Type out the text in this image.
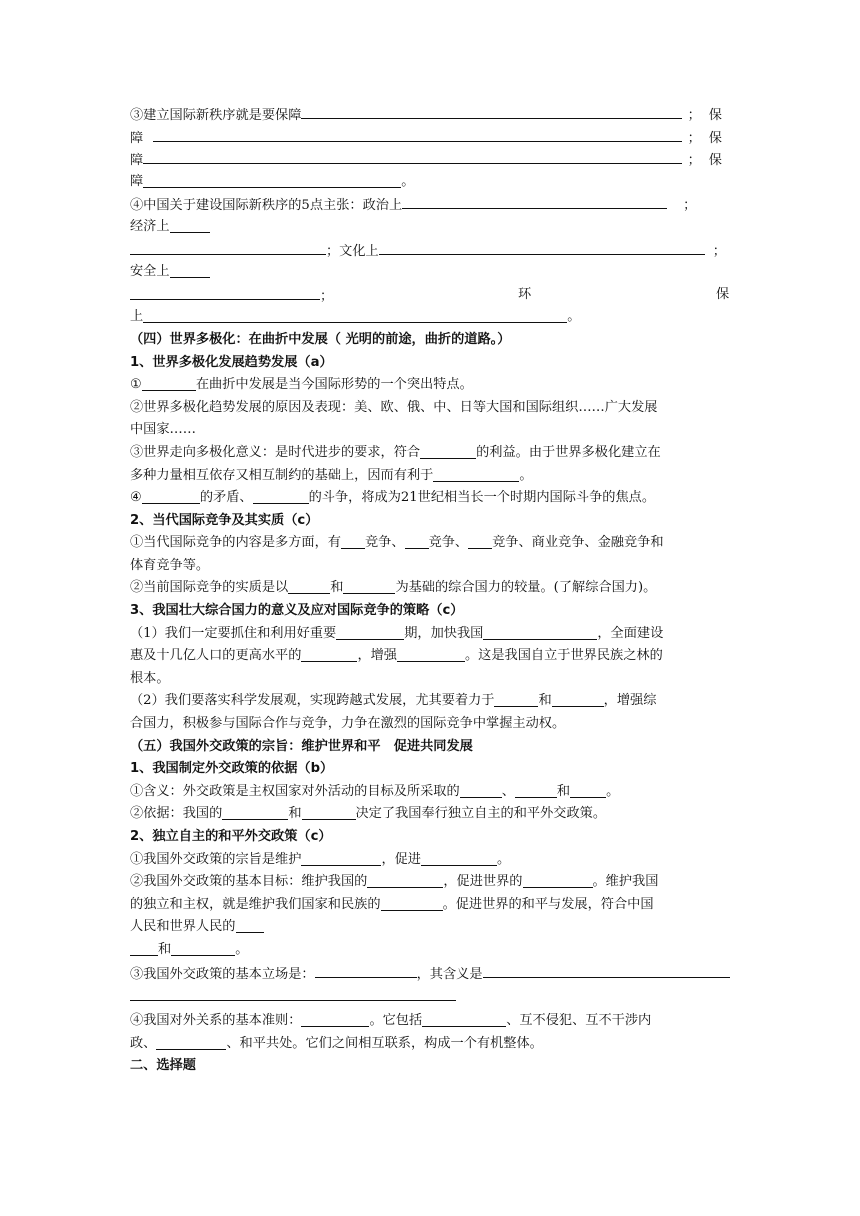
③建立国际新秩序就是要保障	；保
障	；保
障	；保
障	。
④中国关于建设国际新秩序的5点主张：政治上	；
经济上
；文化上	；
安全上
；	环	保
上	。
（四）世界多极化：在曲折中发展（ 光明的前途，曲折的道路。）
1、世界多极化发展趋势发展（a）
①	在曲折中发展是当今国际形势的一个突出特点。
②世界多极化趋势发展的原因及表现：美、欧、俄、中、日等大国和国际组织……广大发展
中国家……
③世界走向多极化意义：是时代进步的要求，符合	的利益。由于世界多极化建立在
多种力量相互依存又相互制约的基础上，因而有利于	。
④	的矛盾、	的斗争，将成为21世纪相当长一个时期内国际斗争的焦点。
2、当代国际竞争及其实质（c）
①当代国际竞争的内容是多方面，有 竞争、 竞争、 竞争、商业竞争、金融竞争和
体育竞争等。
②当前国际竞争的实质是以	和	为基础的综合国力的较量。(了解综合国力)。
3、我国壮大综合国力的意义及应对国际竞争的策略（c）
（1）我们一定要抓住和利用好重要	期，加快我国	，全面建设
惠及十几亿人口的更高水平的	，增强	。这是我国自立于世界民族之林的
根本。
（2）我们要落实科学发展观，实现跨越式发展，尤其要着力于	和	，增强综
合国力，积极参与国际合作与竞争，力争在激烈的国际竞争中掌握主动权。
（五）我国外交政策的宗旨：维护世界和平　促进共同发展
1、我国制定外交政策的依据（b）
①含义：外交政策是主权国家对外活动的目标及所采取的	、	和	。
②依据：我国的	和	决定了我国奉行独立自主的和平外交政策。
2、独立自主的和平外交政策（c）
①我国外交政策的宗旨是维护	，促进	。
②我国外交政策的基本目标：维护我国的	，促进世界的	。维护我国
的独立和主权，就是维护我们国家和民族的	。促进世界的和平与发展，符合中国
人民和世界人民的
和	。
③我国外交政策的基本立场是：	，其含义是
④我国对外关系的基本准则：	。它包括	、互不侵犯、互不干涉内
政、	、和平共处。它们之间相互联系，构成一个有机整体。
二、选择题
